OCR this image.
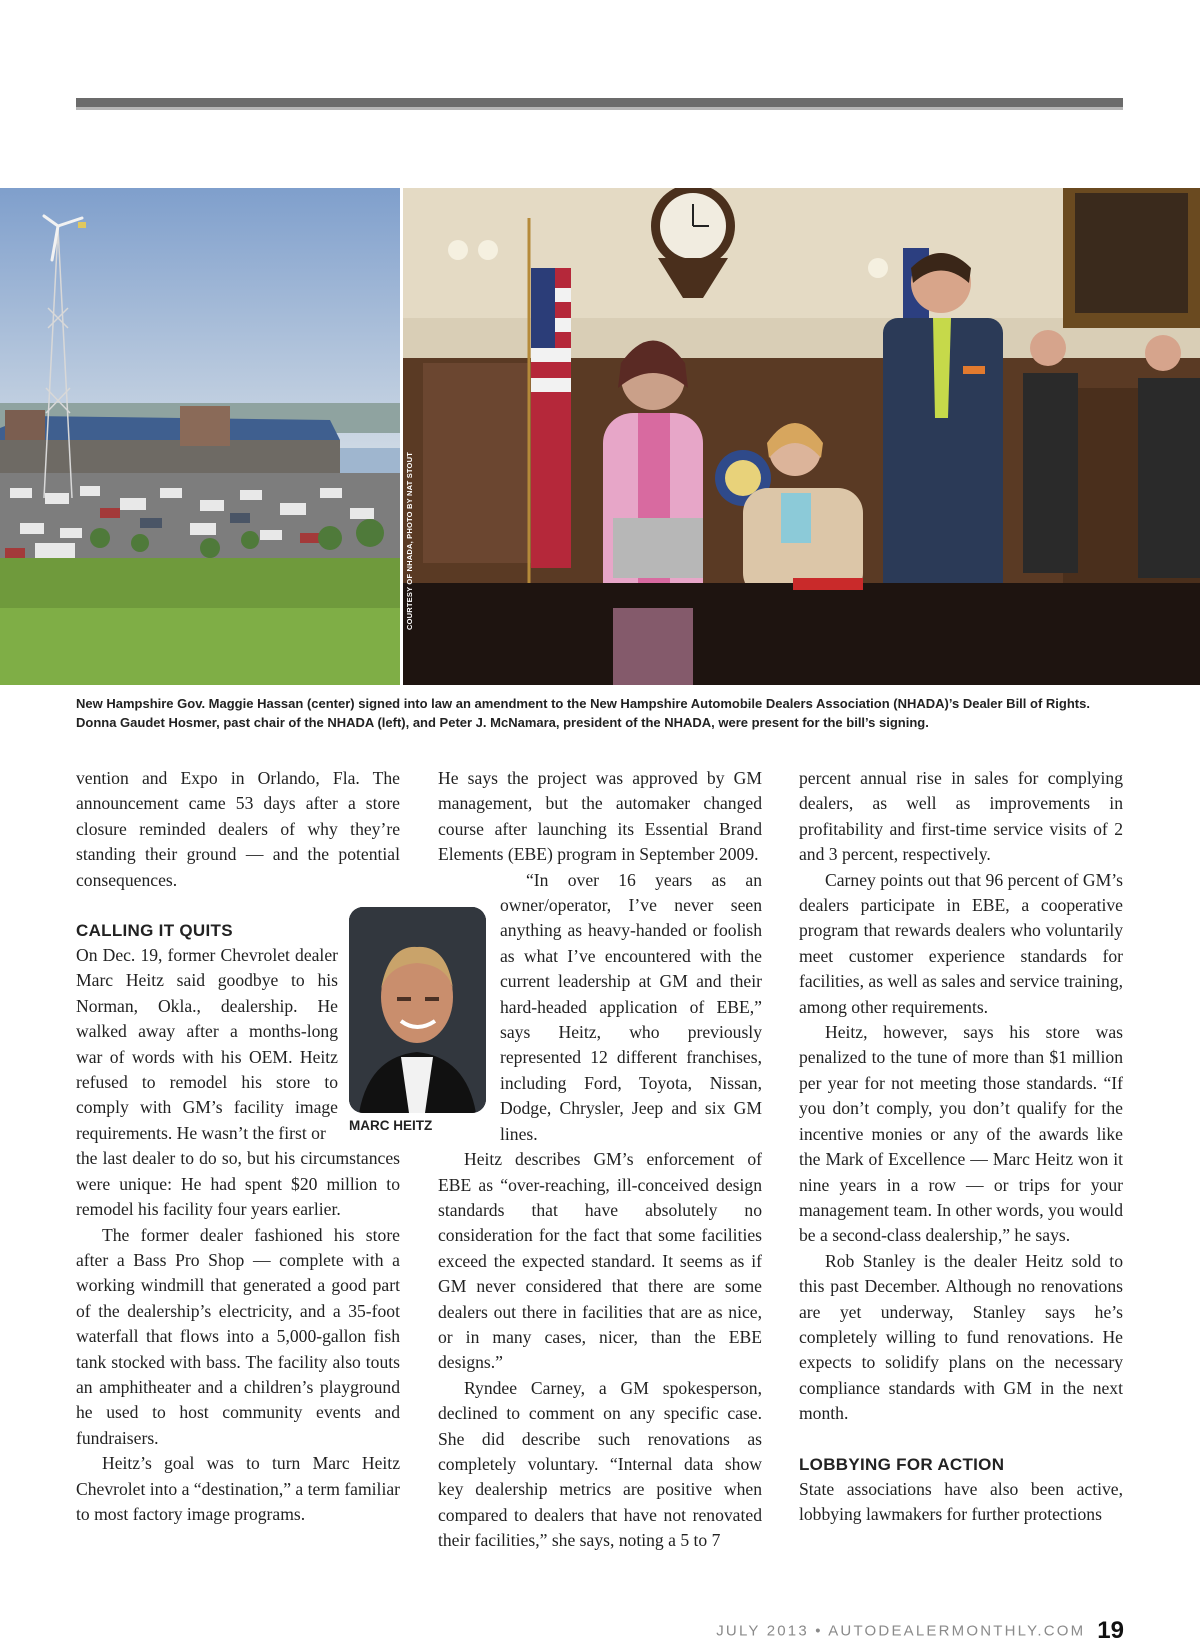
COURTESY OF NHADA, PHOTO BY NAT STOUT
New Hampshire Gov. Maggie Hassan (center) signed into law an amendment to the New Hampshire Automobile Dealers Association (NHADA)’s Dealer Bill of Rights. Donna Gaudet Hosmer, past chair of the NHADA (left), and Peter J. McNamara, president of the NHADA, were present for the bill’s signing.

vention and Expo in Orlando, Fla. The announcement came 53 days after a store closure reminded dealers of why they’re standing their ground — and the potential consequences.

CALLING IT QUITS

On Dec. 19, former Chevrolet dealer Marc Heitz said goodbye to his Norman, Okla., dealership. He walked away after a months-long war of words with his OEM. Heitz refused to remodel his store to comply with GM’s facility image requirements. He wasn’t the first or

the last dealer to do so, but his circumstances were unique: He had spent $20 million to remodel his facility four years earlier.

The former dealer fashioned his store after a Bass Pro Shop — complete with a working windmill that generated a good part of the dealership’s electricity, and a 35-foot waterfall that flows into a 5,000-gallon fish tank stocked with bass. The facility also touts an amphitheater and a children’s playground he used to host community events and fundraisers.

Heitz’s goal was to turn Marc Heitz Chevrolet into a “destination,” a term familiar to most factory image programs.

MARC HEITZ

He says the project was approved by GM management, but the automaker changed course after launching its Essential Brand Elements (EBE) program in September 2009.

“In over 16 years as an owner/operator, I’ve never seen anything as heavy-handed or foolish as what I’ve encountered with the current leadership at GM and their hard-headed application of EBE,” says Heitz, who previously represented 12 different franchises, including Ford, Toyota, Nissan, Dodge, Chrysler, Jeep and six GM lines.

Heitz describes GM’s enforcement of EBE as “over-reaching, ill-conceived design standards that have absolutely no consideration for the fact that some facilities exceed the expected standard. It seems as if GM never considered that there are some dealers out there in facilities that are as nice, or in many cases, nicer, than the EBE designs.”

Ryndee Carney, a GM spokesperson, declined to comment on any specific case. She did describe such renovations as completely voluntary. “Internal data show key dealership metrics are positive when compared to dealers that have not renovated their facilities,” she says, noting a 5 to 7

percent annual rise in sales for complying dealers, as well as improvements in profitability and first-time service visits of 2 and 3 percent, respectively.

Carney points out that 96 percent of GM’s dealers participate in EBE, a cooperative program that rewards dealers who voluntarily meet customer experience standards for facilities, as well as sales and service training, among other requirements.

Heitz, however, says his store was penalized to the tune of more than $1 million per year for not meeting those standards. “If you don’t comply, you don’t qualify for the incentive monies or any of the awards like the Mark of Excellence — Marc Heitz won it nine years in a row — or trips for your management team. In other words, you would be a second-class dealership,” he says.

Rob Stanley is the dealer Heitz sold to this past December. Although no renovations are yet underway, Stanley says he’s completely willing to fund renovations. He expects to solidify plans on the necessary compliance standards with GM in the next month.

LOBBYING FOR ACTION

State associations have also been active, lobbying lawmakers for further protections

JULY 2013 • AUTODEALERMONTHLY.COM 19
